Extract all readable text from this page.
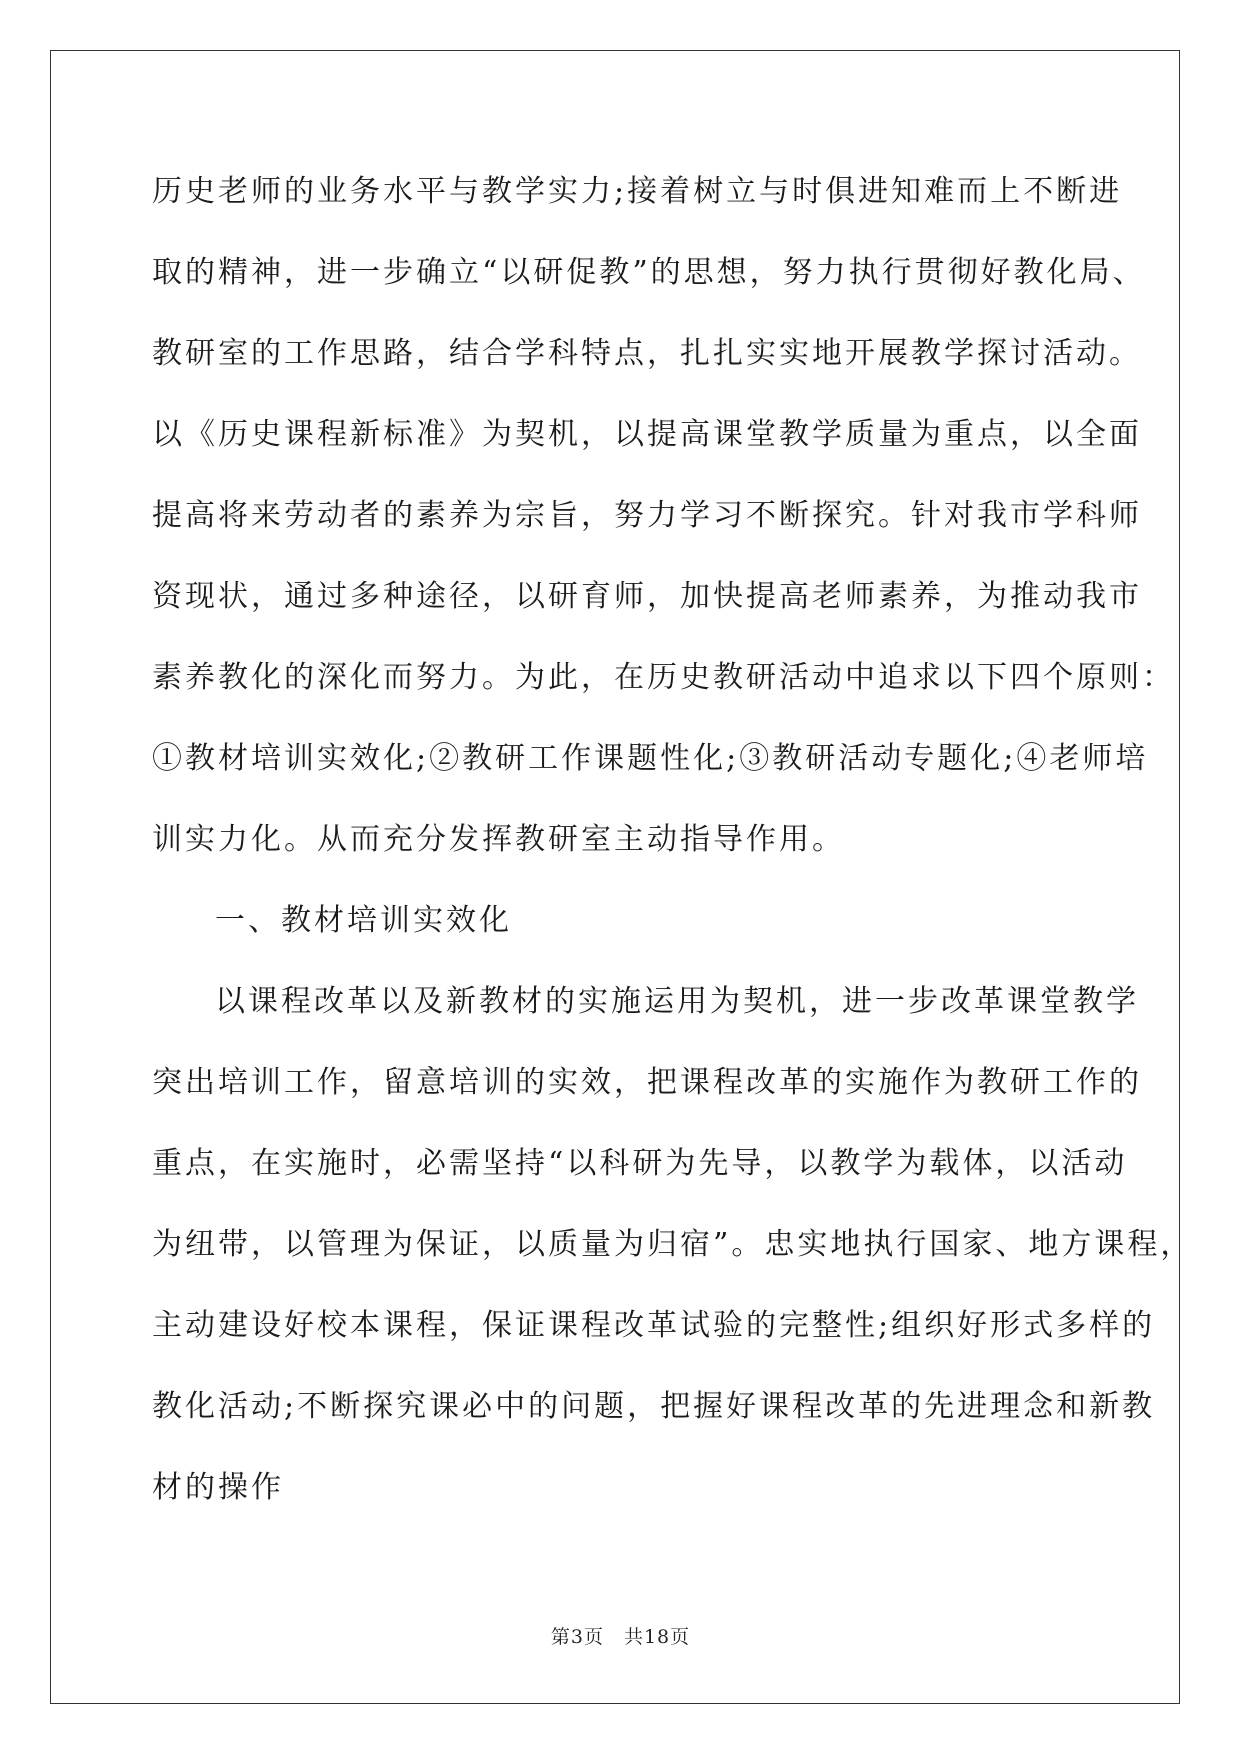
历史老师的业务水平与教学实力;接着树立与时俱进知难而上不断进
取的精神，进一步确立“以研促教”的思想，努力执行贯彻好教化局、
教研室的工作思路，结合学科特点，扎扎实实地开展教学探讨活动。
以《历史课程新标准》为契机，以提高课堂教学质量为重点，以全面
提高将来劳动者的素养为宗旨，努力学习不断探究。针对我市学科师
资现状，通过多种途径，以研育师，加快提高老师素养，为推动我市
素养教化的深化而努力。为此，在历史教研活动中追求以下四个原则：
①教材培训实效化;②教研工作课题性化;③教研活动专题化;④老师培
训实力化。从而充分发挥教研室主动指导作用。
一、教材培训实效化
以课程改革以及新教材的实施运用为契机，进一步改革课堂教学
突出培训工作，留意培训的实效，把课程改革的实施作为教研工作的
重点，在实施时，必需坚持“以科研为先导，以教学为载体，以活动
为纽带，以管理为保证，以质量为归宿”。忠实地执行国家、地方课程，
主动建设好校本课程，保证课程改革试验的完整性;组织好形式多样的
教化活动;不断探究课必中的问题，把握好课程改革的先进理念和新教
材的操作
第3页 共18页
